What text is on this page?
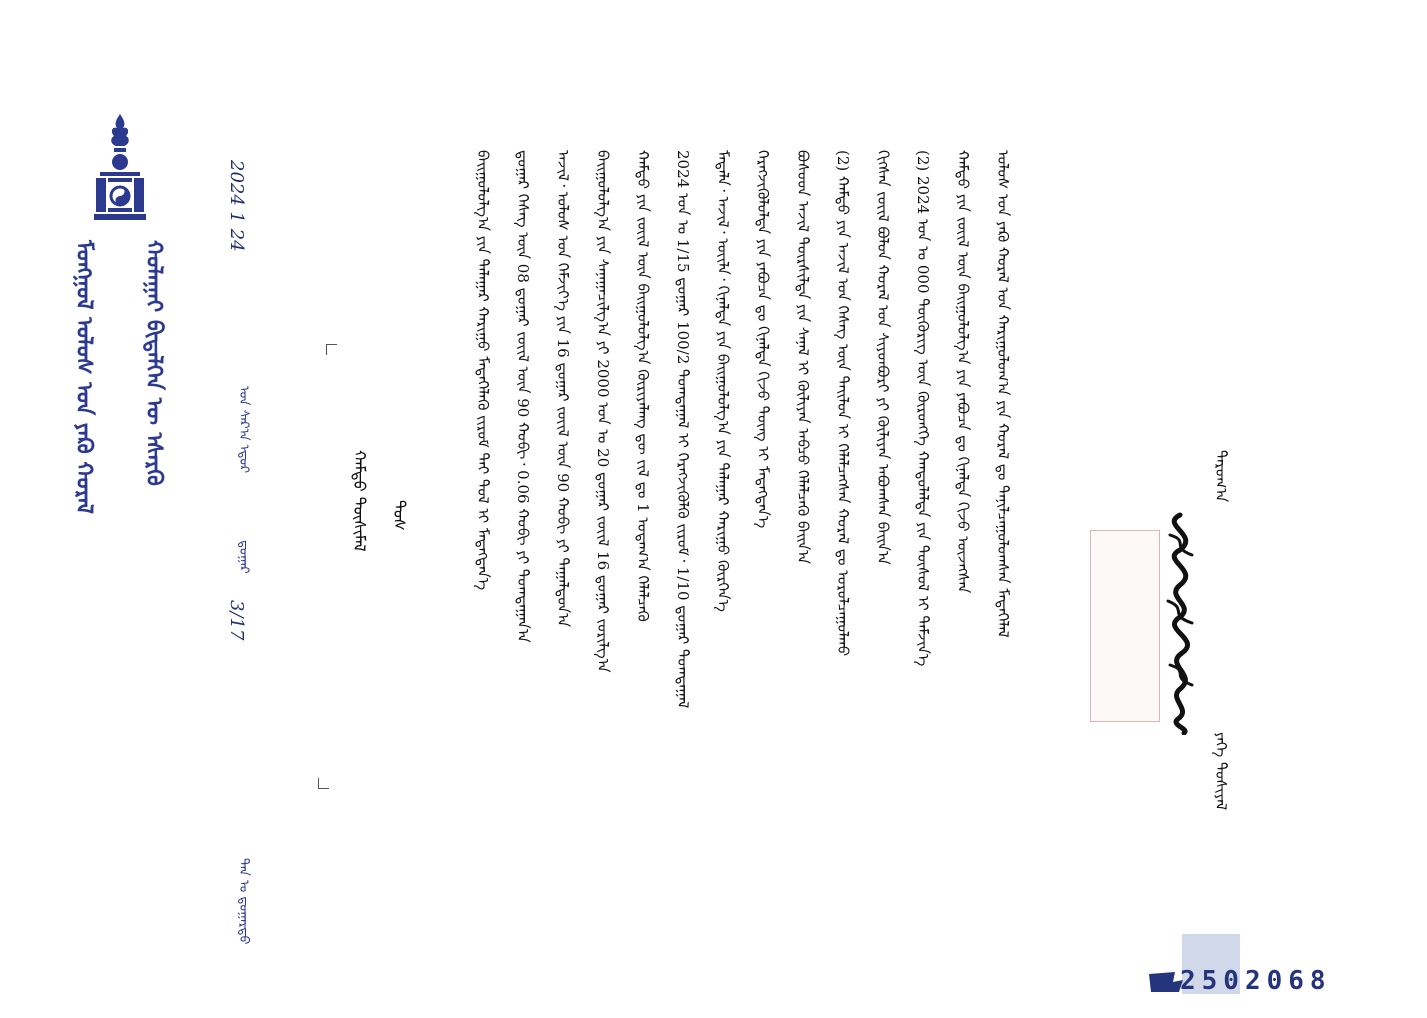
ᠮᠣᠩᠭᠣᠯ ᠤᠯᠤᠰ ᠤᠨ ᠶᠡᠺᠦ ᠬᠤᠷᠠᠯ	ᠬᠤᠯᠠᠭᠠᠢ ᠪᠢᠳᠡᠯᠭᠡᠨ ᠦ ᠡᠰᠡᠷᠭᠦ	ᠣᠨ ᠰᠠᠷ᠎ᠠ ᠡᠳᠦᠷ
2024 1 24
ᠳ᠋ᠤᠭᠠᠷ
3/17
ᠲᠠᠨ ᠤ ᠳ᠋ᠤᠭᠠᠷᠲᠤ
ᠬᠠᠮᠲᠤ ᠲᠦᠰᠢᠮᠡᠯ	ᠲᠤᠰ	ᠤᠯᠤᠰ ᠤᠨ ᠶᠡᠺᠦ ᠬᠤᠷᠠᠯ ᠤᠨ ᠬᠠᠷᠢᠭᠤᠯᠤᠭ᠎ᠠ ᠶᠢᠨ ᠬᠤᠷᠠᠯ ᠳᠤ ᠲᠠᠨᠢᠯᠴᠠᠭᠤᠯᠤᠭᠰᠠᠨ ᠮᠡᠳᠡᠭᠡᠯᠡᠯ
ᠬᠠᠮᠲᠤ ᠶᠢᠨ ᠵᠦᠢᠯ ᠦᠨ ᠪᠠᠢᠭᠤᠯᠤᠯᠭ᠎ᠠ ᠶᠢᠨ ᠶᠠᠪᠤᠴᠠ ᠳᠤ ᠬᠢᠨᠠᠯᠲᠠ ᠬᠢᠵᠦ ᠦᠵᠡᠭᠰᠡᠨ
(2) 2024 ᠣᠨ ᠤ 000 ᠲᠥᠭᠦᠷᠢᠭ ᠦᠨ ᠬᠥᠷᠥᠩᠭᠡ ᠬᠠᠨᠳᠤᠯᠠᠯᠲᠠ ᠶᠢᠨ ᠲᠥᠰᠥᠯ ᠢ ᠳᠡᠮᠵᠢᠨ᠎ᠡ
ᠬᠢᠭᠰᠡᠨ ᠵᠦᠢᠯ ᠪᠣᠯᠤᠨ ᠬᠤᠷᠠᠯ ᠤᠨ ᠰᠢᠶᠳᠪᠦᠷᠢ ᠶᠢ ᠬᠦᠯᠢᠶᠡᠨ ᠠᠪᠤᠭᠰᠠᠨ ᠪᠠᠢᠨ᠎ᠠ
(2) ᠬᠠᠮᠲᠤ ᠶᠢᠨ ᠠᠵᠢᠯ ᠤᠨ ᠬᠡᠰᠡᠭ ᠦᠨ ᠲᠠᠢᠯᠤᠨ ᠢ ᠬᠡᠯᠡᠯᠴᠡᠭᠰᠡᠨ ᠬᠤᠷᠠᠯ ᠳᠤ ᠣᠷᠣᠯᠴᠠᠭᠤᠯᠬᠤ
ᠪᠤᠰᠤᠳ ᠠᠵᠢᠯ ᠲᠦᠷᠰᠢᠯᠲᠡ ᠶᠢᠨ ᠰᠠᠨᠠᠯ ᠢ ᠬᠦᠯᠢᠶᠡᠨ ᠠᠪᠴᠤ ᠬᠡᠯᠡᠯᠴᠡᠬᠦ ᠪᠠᠢᠨ᠎ᠠ
ᠬᠡᠷᠡᠭᠵᠢᠭᠦᠯᠦᠯᠲᠡ ᠶᠢᠨ ᠶᠠᠪᠤᠴᠠ ᠳᠤ ᠬᠢᠨᠠᠯᠲᠠ ᠬᠢᠵᠦ ᠳᠦᠩ ᠢ ᠮᠡᠳᠡᠭᠳᠡᠨ᠎ᠡ
ᠮᠡᠳᠡᠯᠡ᠂ ᠠᠵᠢᠯ᠂ ᠦᠢᠯᠡ᠂ ᠬᠢᠨᠠᠯᠲᠠ ᠶᠢᠨ ᠪᠠᠢᠭᠤᠯᠤᠯᠭ᠎ᠠ ᠶᠢᠨ ᠲᠠᠯᠠᠭᠠᠷ ᠬᠠᠷᠢᠭᠤ ᠬᠦᠷᠭᠡᠨ᠎ᠡ
2024 ᠣᠨ ᠤ 1/15 ᠳ᠋ᠤᠭᠠᠷ 100/2 ᠲᠣᠭᠲᠠᠭᠠᠯ ᠢ ᠬᠡᠷᠡᠭᠵᠢᠭᠦᠯᠬᠦ ᠵᠢᠷᠤᠮ᠂ 1/10 ᠳ᠋ᠤᠭᠠᠷ ᠲᠣᠭᠲᠠᠭᠠᠯ
ᠬᠠᠮᠲᠤ ᠶᠢᠨ ᠵᠦᠢᠯ ᠦᠨ ᠪᠠᠢᠭᠤᠯᠤᠯᠭ᠎ᠠ ᠬᠦᠷᠢᠶᠡᠯᠡᠩ ᠳᠦ ᠵᠢᠯ ᠳᠤ 1 ᠤᠳᠠᠭ᠎ᠠ ᠬᠡᠯᠡᠯᠴᠡᠬᠦ
ᠪᠠᠢᠭᠤᠯᠤᠯᠭ᠎ᠠ ᠶᠢᠨ ᠰᠠᠨᠠᠭᠠᠴᠢᠯᠭ᠎ᠠ ᠶᠢ 2000 ᠣᠨ ᠤ 20 ᠳ᠋ᠤᠭᠠᠷ ᠵᠦᠢᠯ 16 ᠳ᠋ᠤᠭᠠᠷ ᠵᠣᠷᠢᠯᠭ᠎ᠠ
ᠠᠵᠢᠯ᠂ ᠤᠯᠤᠰ ᠤᠨ ᠬᠡᠮᠵᠢᠶ᠎ᠡ ᠶᠢᠨ 16 ᠳ᠋ᠤᠭᠠᠷ ᠵᠦᠢᠯ ᠦᠨ 90 ᠬᠤᠪᠢ ᠶᠢ ᠳᠠᠭᠠᠯᠳᠤᠨ᠎ᠠ
ᠳ᠋ᠤᠭᠠᠷ ᠬᠡᠰᠡᠭ ᠦᠨ 08 ᠳ᠋ᠤᠭᠠᠷ ᠵᠦᠢᠯ ᠦᠨ 90 ᠬᠤᠪᠢ᠂ 0.06 ᠬᠤᠪᠢ ᠶᠢ ᠲᠣᠭᠲᠠᠭᠠᠨ᠎ᠠ
ᠪᠠᠢᠭᠤᠯᠤᠯᠭ᠎ᠠ ᠶᠢᠨ ᠲᠠᠯᠠᠭᠠᠷ ᠬᠠᠷᠢᠭᠤ ᠮᠡᠳᠡᠭᠡᠯᠡᠬᠦ ᠵᠢᠷᠤᠮ ᠲᠠᠢ ᠲᠤᠯ ᠢ ᠮᠡᠳᠡᠭᠳᠡᠨ᠎ᠡ	ᠳᠠᠷᠤᠭ᠎ᠠ
ᠶᠡᠬᠡ ᠲᠤᠰᠢᠶᠠᠯ
2502068
